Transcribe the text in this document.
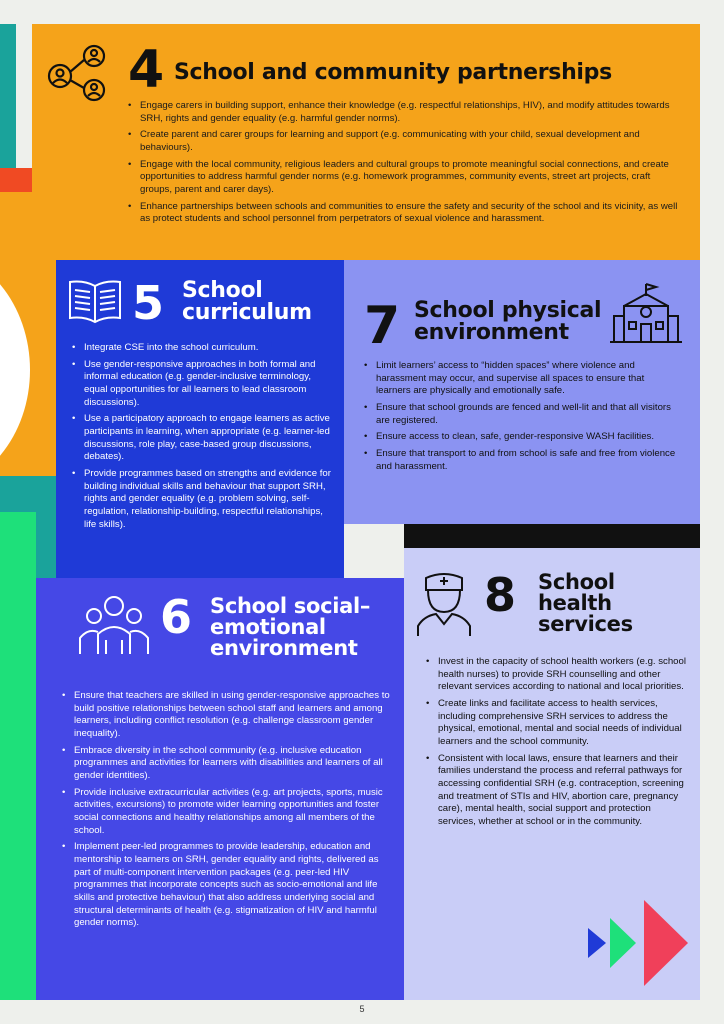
4 School and community partnerships
• Engage carers in building support, enhance their knowledge (e.g. respectful relationships, HIV), and modify attitudes towards SRH, rights and gender equality (e.g. harmful gender norms).
• Create parent and carer groups for learning and support (e.g. communicating with your child, sexual development and behaviours).
• Engage with the local community, religious leaders and cultural groups to promote meaningful social connections, and create opportunities to address harmful gender norms (e.g. homework programmes, community events, street art projects, craft groups, parent and carer days).
• Enhance partnerships between schools and communities to ensure the safety and security of the school and its vicinity, as well as protect students and school personnel from perpetrators of sexual violence and harassment.
5 School
curriculum
• Integrate CSE into the school curriculum.
• Use gender-responsive approaches in both formal and informal education (e.g. gender-inclusive terminology, equal opportunities for all learners to lead classroom discussions).
• Use a participatory approach to engage learners as active participants in learning, when appropriate (e.g. learner-led discussions, role play, case-based group discussions, debates).
• Provide programmes based on strengths and evidence for building individual skills and behaviour that support SRH, rights and gender equality (e.g. problem solving, self-regulation, relationship-building, respectful relationships, life skills).
7 School physical
environment
• Limit learners’ access to “hidden spaces” where violence and harassment may occur, and supervise all spaces to ensure that learners are physically and emotionally safe.
• Ensure that school grounds are fenced and well-lit and that all visitors are registered.
• Ensure access to clean, safe, gender-responsive WASH facilities.
• Ensure that transport to and from school is safe and free from violence and harassment.
6 School social–
emotional
environment
• Ensure that teachers are skilled in using gender-responsive approaches to build positive relationships between school staff and learners and among learners, including conflict resolution (e.g. challenge classroom gender inequality).
• Embrace diversity in the school community (e.g. inclusive education programmes and activities for learners with disabilities and learners of all gender identities).
• Provide inclusive extracurricular activities (e.g. art projects, sports, music activities, excursions) to promote wider learning opportunities and foster social connections and healthy relationships among all members of the school.
• Implement peer-led programmes to provide leadership, education and mentorship to learners on SRH, gender equality and rights, delivered as part of multi-component intervention packages (e.g. peer-led HIV programmes that incorporate concepts such as socio-emotional and life skills and protective behaviour) that also address underlying social and structural determinants of health (e.g. stigmatization of HIV and harmful gender norms).
8 School
health
services
• Invest in the capacity of school health workers (e.g. school health nurses) to provide SRH counselling and other relevant services according to national and local priorities.
• Create links and facilitate access to health services, including comprehensive SRH services to address the physical, emotional, mental and social needs of individual learners and the school community.
• Consistent with local laws, ensure that learners and their families understand the process and referral pathways for accessing confidential SRH (e.g. contraception, screening and treatment of STIs and HIV, abortion care, pregnancy care), mental health, social support and protection services, whether at school or in the community.
5
